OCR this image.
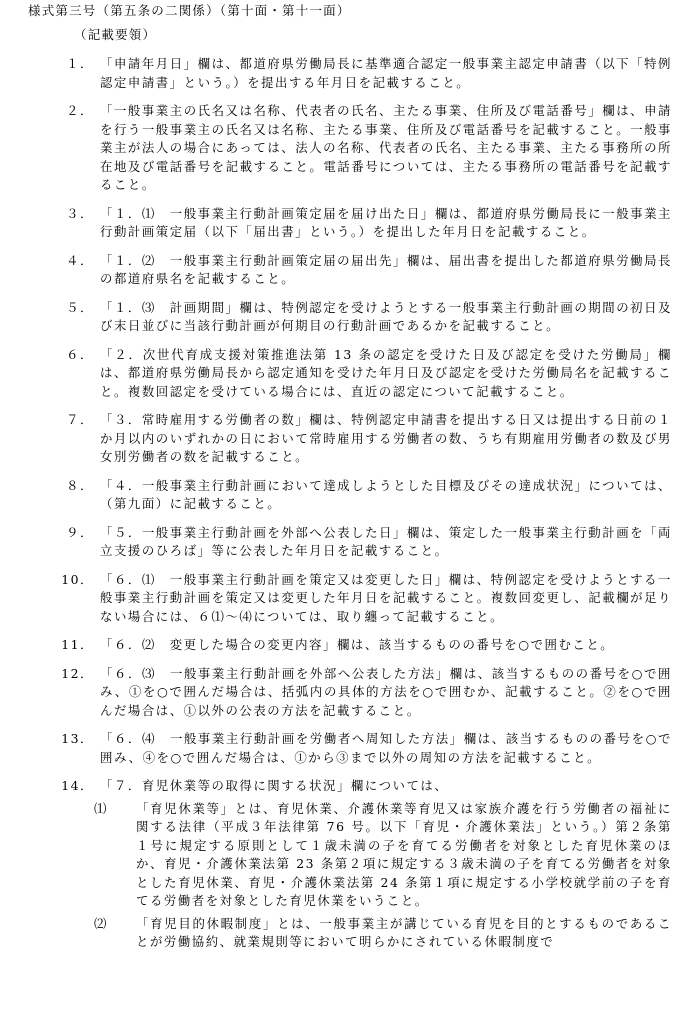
様式第三号（第五条の二関係）（第十面・第十一面）
（記載要領）
１． 「申請年月日」欄は、都道府県労働局長に基準適合認定一般事業主認定申請書（以下「特例認定申請書」という。）を提出する年月日を記載すること。
２． 「一般事業主の氏名又は名称、代表者の氏名、主たる事業、住所及び電話番号」欄は、申請を行う一般事業主の氏名又は名称、主たる事業、住所及び電話番号を記載すること。一般事業主が法人の場合にあっては、法人の名称、代表者の氏名、主たる事業、主たる事務所の所在地及び電話番号を記載すること。電話番号については、主たる事務所の電話番号を記載すること。
３． 「１．⑴　一般事業主行動計画策定届を届け出た日」欄は、都道府県労働局長に一般事業主行動計画策定届（以下「届出書」という。）を提出した年月日を記載すること。
４． 「１．⑵　一般事業主行動計画策定届の届出先」欄は、届出書を提出した都道府県労働局長の都道府県名を記載すること。
５． 「１．⑶　計画期間」欄は、特例認定を受けようとする一般事業主行動計画の期間の初日及び末日並びに当該行動計画が何期目の行動計画であるかを記載すること。
６． 「２．次世代育成支援対策推進法第 13 条の認定を受けた日及び認定を受けた労働局」欄は、都道府県労働局長から認定通知を受けた年月日及び認定を受けた労働局名を記載すること。複数回認定を受けている場合には、直近の認定について記載すること。
７． 「３．常時雇用する労働者の数」欄は、特例認定申請書を提出する日又は提出する日前の１か月以内のいずれかの日において常時雇用する労働者の数、うち有期雇用労働者の数及び男女別労働者の数を記載すること。
８． 「４．一般事業主行動計画において達成しようとした目標及びその達成状況」については、（第九面）に記載すること。
９． 「５．一般事業主行動計画を外部へ公表した日」欄は、策定した一般事業主行動計画を「両立支援のひろば」等に公表した年月日を記載すること。
10． 「６．⑴　一般事業主行動計画を策定又は変更した日」欄は、特例認定を受けようとする一般事業主行動計画を策定又は変更した年月日を記載すること。複数回変更し、記載欄が足りない場合には、６⑴～⑷については、取り纏って記載すること。
11． 「６．⑵　変更した場合の変更内容」欄は、該当するものの番号を○で囲むこと。
12． 「６．⑶　一般事業主行動計画を外部へ公表した方法」欄は、該当するものの番号を○で囲み、①を○で囲んだ場合は、括弧内の具体的方法を○で囲むか、記載すること。②を○で囲んだ場合は、①以外の公表の方法を記載すること。
13． 「６．⑷　一般事業主行動計画を労働者へ周知した方法」欄は、該当するものの番号を○で囲み、④を○で囲んだ場合は、①から③まで以外の周知の方法を記載すること。
14． 「７．育児休業等の取得に関する状況」欄については、
⑴	「育児休業等」とは、育児休業、介護休業等育児又は家族介護を行う労働者の福祉に関する法律（平成３年法律第 76 号。以下「育児・介護休業法」という。）第２条第１号に規定する原則として１歳未満の子を育てる労働者を対象とした育児休業のほか、育児・介護休業法第 23 条第２項に規定する３歳未満の子を育てる労働者を対象とした育児休業、育児・介護休業法第 24 条第１項に規定する小学校就学前の子を育てる労働者を対象とした育児休業をいうこと。
⑵	「育児目的休暇制度」とは、一般事業主が講じている育児を目的とするものであることが労働協約、就業規則等において明らかにされている休暇制度で
